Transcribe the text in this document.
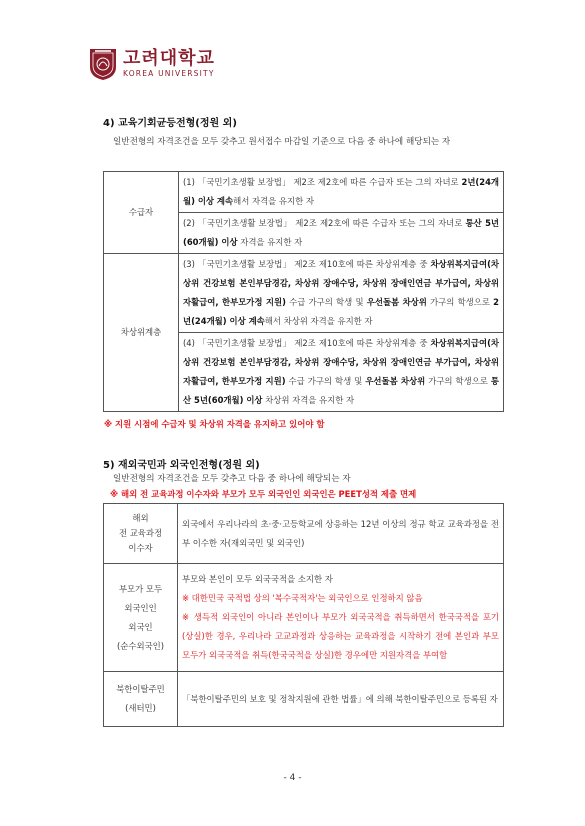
고려대학교
KOREA UNIVERSITY
4) 교육기회균등전형(정원 외)
일반전형의 자격조건을 모두 갖추고 원서접수 마감일 기준으로 다음 중 하나에 해당되는 자
수급자	(1) 「국민기초생활 보장법」 제2조 제2호에 따른 수급자 또는 그의 자녀로 2년(24개월) 이상 계속해서 자격을 유지한 자
	(2) 「국민기초생활 보장법」 제2조 제2호에 따른 수급자 또는 그의 자녀로 통산 5년(60개월) 이상 자격을 유지한 자
차상위계층	(3) 「국민기초생활 보장법」 제2조 제10호에 따른 차상위계층 중 차상위복지급여(차상위 건강보험 본인부담경감, 차상위 장애수당, 차상위 장애인연금 부가급여, 차상위 자활급여, 한부모가정 지원) 수급 가구의 학생 및 우선돌봄 차상위 가구의 학생으로 2년(24개월) 이상 계속해서 차상위 자격을 유지한 자
	(4) 「국민기초생활 보장법」 제2조 제10호에 따른 차상위계층 중 차상위복지급여(차상위 건강보험 본인부담경감, 차상위 장애수당, 차상위 장애인연금 부가급여, 차상위 자활급여, 한부모가정 지원) 수급 가구의 학생 및 우선돌봄 차상위 가구의 학생으로 통산 5년(60개월) 이상 차상위 자격을 유지한 자
※ 지원 시점에 수급자 및 차상위 자격을 유지하고 있어야 함
5) 재외국민과 외국인전형(정원 외)
일반전형의 자격조건을 모두 갖추고 다음 중 하나에 해당되는 자
※ 해외 전 교육과정 이수자와 부모가 모두 외국인인 외국인은 PEET성적 제출 면제
해외
전 교육과정
이수자	외국에서 우리나라의 초·중·고등학교에 상응하는 12년 이상의 정규 학교 교육과정을 전부 이수한 자(재외국민 및 외국인)

부모가 모두
외국인인
외국인
(순수외국인)	부모와 본인이 모두 외국국적을 소지한 자
※ 대한민국 국적법 상의 '복수국적자'는 외국인으로 인정하지 않음
※ 생득적 외국인이 아니라 본인이나 부모가 외국국적을 취득하면서 한국국적을 포기(상실)한 경우, 우리나라 고교과정과 상응하는 교육과정을 시작하기 전에 본인과 부모 모두가 외국국적을 취득(한국국적을 상실)한 경우에만 지원자격을 부여함

북한이탈주민
(새터민)	「북한이탈주민의 보호 및 정착지원에 관한 법률」에 의해 북한이탈주민으로 등록된 자
- 4 -
